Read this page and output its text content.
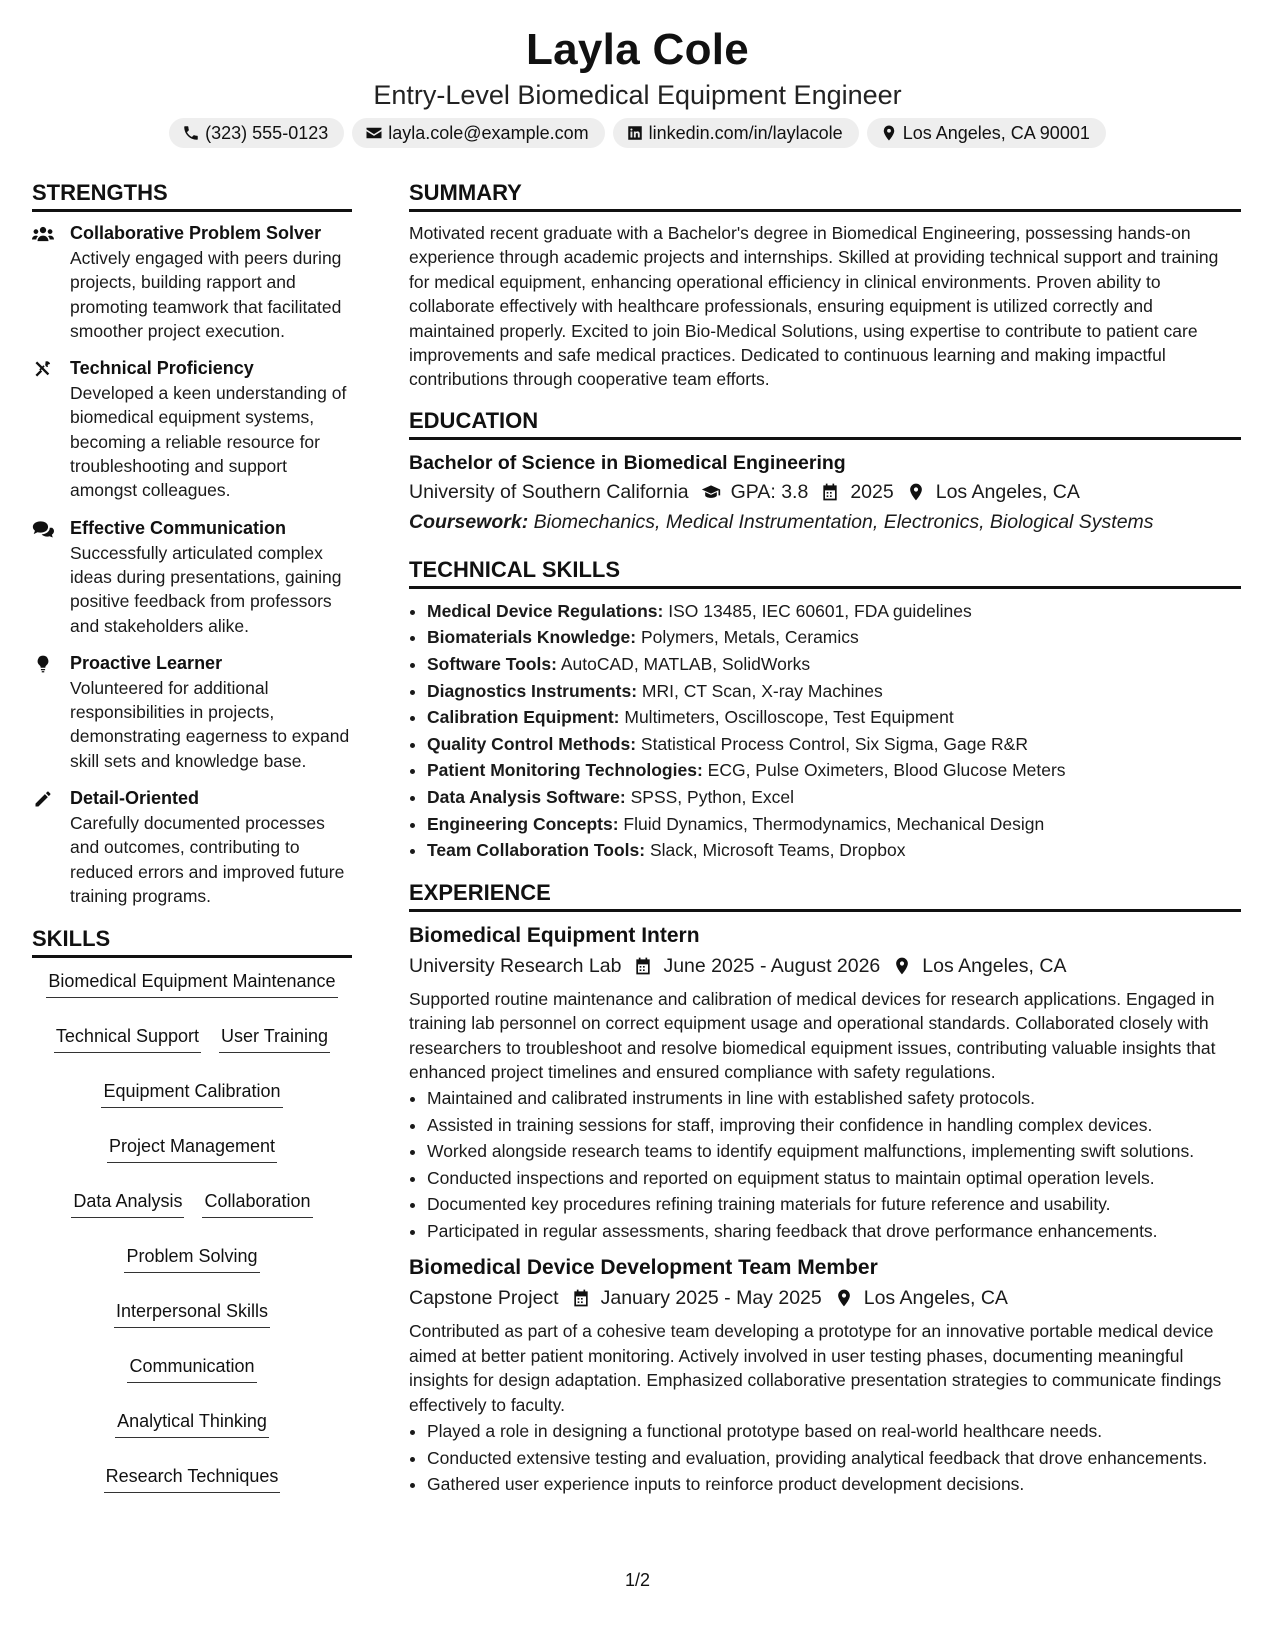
Layla Cole
Entry-Level Biomedical Equipment Engineer
(323) 555-0123	layla.cole@example.com	linkedin.com/in/laylacole	Los Angeles, CA 90001
STRENGTHS
Collaborative Problem Solver
Actively engaged with peers during projects, building rapport and promoting teamwork that facilitated smoother project execution.
Technical Proficiency
Developed a keen understanding of biomedical equipment systems, becoming a reliable resource for troubleshooting and support amongst colleagues.
Effective Communication
Successfully articulated complex ideas during presentations, gaining positive feedback from professors and stakeholders alike.
Proactive Learner
Volunteered for additional responsibilities in projects, demonstrating eagerness to expand skill sets and knowledge base.
Detail-Oriented
Carefully documented processes and outcomes, contributing to reduced errors and improved future training programs.
SKILLS
Biomedical Equipment Maintenance
Technical Support User Training
Equipment Calibration
Project Management
Data Analysis Collaboration
Problem Solving
Interpersonal Skills
Communication
Analytical Thinking
Research Techniques
SUMMARY
Motivated recent graduate with a Bachelor's degree in Biomedical Engineering, possessing hands-on experience through academic projects and internships. Skilled at providing technical support and training for medical equipment, enhancing operational efficiency in clinical environments. Proven ability to collaborate effectively with healthcare professionals, ensuring equipment is utilized correctly and maintained properly. Excited to join Bio-Medical Solutions, using expertise to contribute to patient care improvements and safe medical practices. Dedicated to continuous learning and making impactful contributions through cooperative team efforts.
EDUCATION
Bachelor of Science in Biomedical Engineering
University of Southern California GPA: 3.8 2025 Los Angeles, CA
Coursework: Biomechanics, Medical Instrumentation, Electronics, Biological Systems
TECHNICAL SKILLS
• Medical Device Regulations: ISO 13485, IEC 60601, FDA guidelines
• Biomaterials Knowledge: Polymers, Metals, Ceramics
• Software Tools: AutoCAD, MATLAB, SolidWorks
• Diagnostics Instruments: MRI, CT Scan, X-ray Machines
• Calibration Equipment: Multimeters, Oscilloscope, Test Equipment
• Quality Control Methods: Statistical Process Control, Six Sigma, Gage R&R
• Patient Monitoring Technologies: ECG, Pulse Oximeters, Blood Glucose Meters
• Data Analysis Software: SPSS, Python, Excel
• Engineering Concepts: Fluid Dynamics, Thermodynamics, Mechanical Design
• Team Collaboration Tools: Slack, Microsoft Teams, Dropbox
EXPERIENCE
Biomedical Equipment Intern
University Research Lab June 2025 - August 2026 Los Angeles, CA
Supported routine maintenance and calibration of medical devices for research applications. Engaged in training lab personnel on correct equipment usage and operational standards. Collaborated closely with researchers to troubleshoot and resolve biomedical equipment issues, contributing valuable insights that enhanced project timelines and ensured compliance with safety regulations.
• Maintained and calibrated instruments in line with established safety protocols.
• Assisted in training sessions for staff, improving their confidence in handling complex devices.
• Worked alongside research teams to identify equipment malfunctions, implementing swift solutions.
• Conducted inspections and reported on equipment status to maintain optimal operation levels.
• Documented key procedures refining training materials for future reference and usability.
• Participated in regular assessments, sharing feedback that drove performance enhancements.
Biomedical Device Development Team Member
Capstone Project January 2025 - May 2025 Los Angeles, CA
Contributed as part of a cohesive team developing a prototype for an innovative portable medical device aimed at better patient monitoring. Actively involved in user testing phases, documenting meaningful insights for design adaptation. Emphasized collaborative presentation strategies to communicate findings effectively to faculty.
• Played a role in designing a functional prototype based on real-world healthcare needs.
• Conducted extensive testing and evaluation, providing analytical feedback that drove enhancements.
• Gathered user experience inputs to reinforce product development decisions.
1/2
